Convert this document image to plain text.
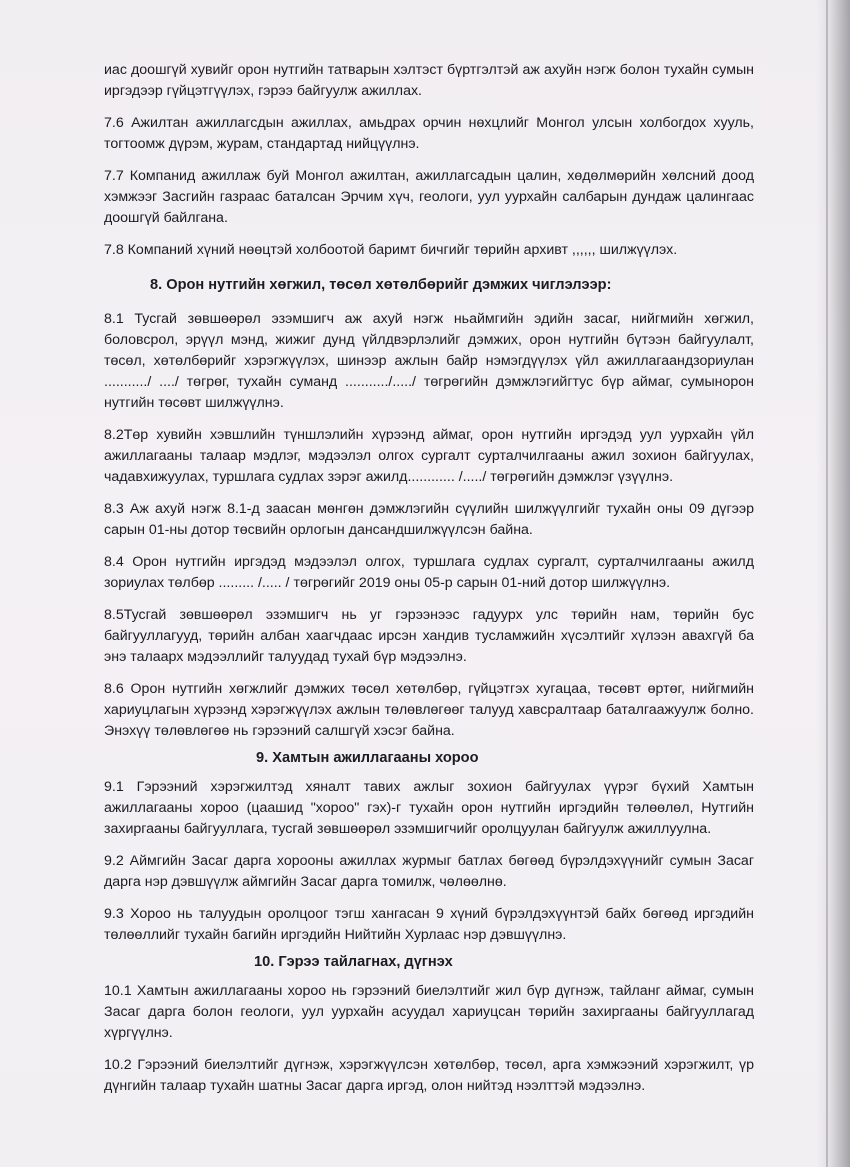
иас доошгүй хувийг орон нутгийн татварын хэлтэст бүртгэлтэй аж ахуйн нэгж болон тухайн сумын иргэдээр гүйцэтгүүлэх, гэрээ байгуулж ажиллах.

7.6 Ажилтан ажиллагсдын ажиллах, амьдрах орчин нөхцлийг Монгол улсын холбогдох хууль, тогтоомж дүрэм, журам, стандартад нийцүүлнэ.

7.7 Компанид ажиллаж буй Монгол ажилтан, ажиллагсадын цалин, хөдөлмөрийн хөлсний доод хэмжээг Засгийн газраас баталсан Эрчим хүч, геологи, уул уурхайн салбарын дундаж цалингаас доошгүй байлгана.

7.8 Компаний хүний нөөцтэй холбоотой баримт бичгийг төрийн архивт ,,,,,, шилжүүлэх.

8. Орон нутгийн хөгжил, төсөл хөтөлбөрийг дэмжих чиглэлээр:

8.1 Тусгай зөвшөөрөл эзэмшигч аж ахуй нэгж ньаймгийн эдийн засаг, нийгмийн хөгжил, боловсрол, эрүүл мэнд, жижиг дунд үйлдвэрлэлийг дэмжих, орон нутгийн бүтээн байгуулалт, төсөл, хөтөлбөрийг хэрэгжүүлэх, шинээр ажлын байр нэмэгдүүлэх үйл ажиллагаандзориулан .........../ ..../ төгрөг, тухайн суманд .........../...../ төгрөгийн дэмжлэгийгтус бүр аймаг, сумынорон нутгийн төсөвт шилжүүлнэ.

8.2Төр хувийн хэвшлийн түншлэлийн хүрээнд аймаг, орон нутгийн иргэдэд уул уурхайн үйл ажиллагааны талаар мэдлэг, мэдээлэл олгох сургалт сурталчилгааны ажил зохион байгуулах, чадавхижуулах, туршлага судлах зэрэг ажилд............ /...../ төгрөгийн дэмжлэг үзүүлнэ.

8.3 Аж ахуй нэгж 8.1-д заасан мөнгөн дэмжлэгийн сүүлийн шилжүүлгийг тухайн оны 09 дүгээр сарын 01-ны дотор төсвийн орлогын дансандшилжүүлсэн байна.

8.4 Орон нутгийн иргэдэд мэдээлэл олгох, туршлага судлах сургалт, сурталчилгааны ажилд зориулах төлбөр ......... /..... / төгрөгийг 2019 оны 05-р сарын 01-ний дотор шилжүүлнэ.

8.5Тусгай зөвшөөрөл эзэмшигч нь уг гэрээнээс гадуурх улс төрийн нам, төрийн бус байгууллагууд, төрийн албан хаагчдаас ирсэн хандив тусламжийн хүсэлтийг хүлээн авахгүй ба энэ талаарх мэдээллийг талуудад тухай бүр мэдээлнэ.

8.6 Орон нутгийн хөгжлийг дэмжих төсөл хөтөлбөр, гүйцэтгэх хугацаа, төсөвт өртөг, нийгмийн хариуцлагын хүрээнд хэрэгжүүлэх ажлын төлөвлөгөөг талууд хавсралтаар баталгаажуулж болно. Энэхүү төлөвлөгөө нь гэрээний салшгүй хэсэг байна.

9. Хамтын ажиллагааны хороо

9.1 Гэрээний хэрэгжилтэд хяналт тавих ажлыг зохион байгуулах үүрэг бүхий Хамтын ажиллагааны хороо (цаашид "хороо" гэх)-г тухайн орон нутгийн иргэдийн төлөөлөл, Нутгийн захиргааны байгууллага, тусгай зөвшөөрөл эзэмшигчийг оролцуулан байгуулж ажиллуулна.

9.2 Аймгийн Засаг дарга хорооны ажиллах журмыг батлах бөгөөд бүрэлдэхүүнийг сумын Засаг дарга нэр дэвшүүлж аймгийн Засаг дарга томилж, чөлөөлнө.

9.3 Хороо нь талуудын оролцоог тэгш хангасан 9 хүний бүрэлдэхүүнтэй байх бөгөөд иргэдийн төлөөллийг тухайн багийн иргэдийн Нийтийн Хурлаас нэр дэвшүүлнэ.

10. Гэрээ тайлагнах, дүгнэх

10.1 Хамтын ажиллагааны хороо нь гэрээний биелэлтийг жил бүр дүгнэж, тайланг аймаг, сумын Засаг дарга болон геологи, уул уурхайн асуудал хариуцсан төрийн захиргааны байгууллагад хүргүүлнэ.

10.2 Гэрээний биелэлтийг дүгнэж, хэрэгжүүлсэн хөтөлбөр, төсөл, арга хэмжээний хэрэгжилт, үр дүнгийн талаар тухайн шатны Засаг дарга иргэд, олон нийтэд нээлттэй мэдээлнэ.
